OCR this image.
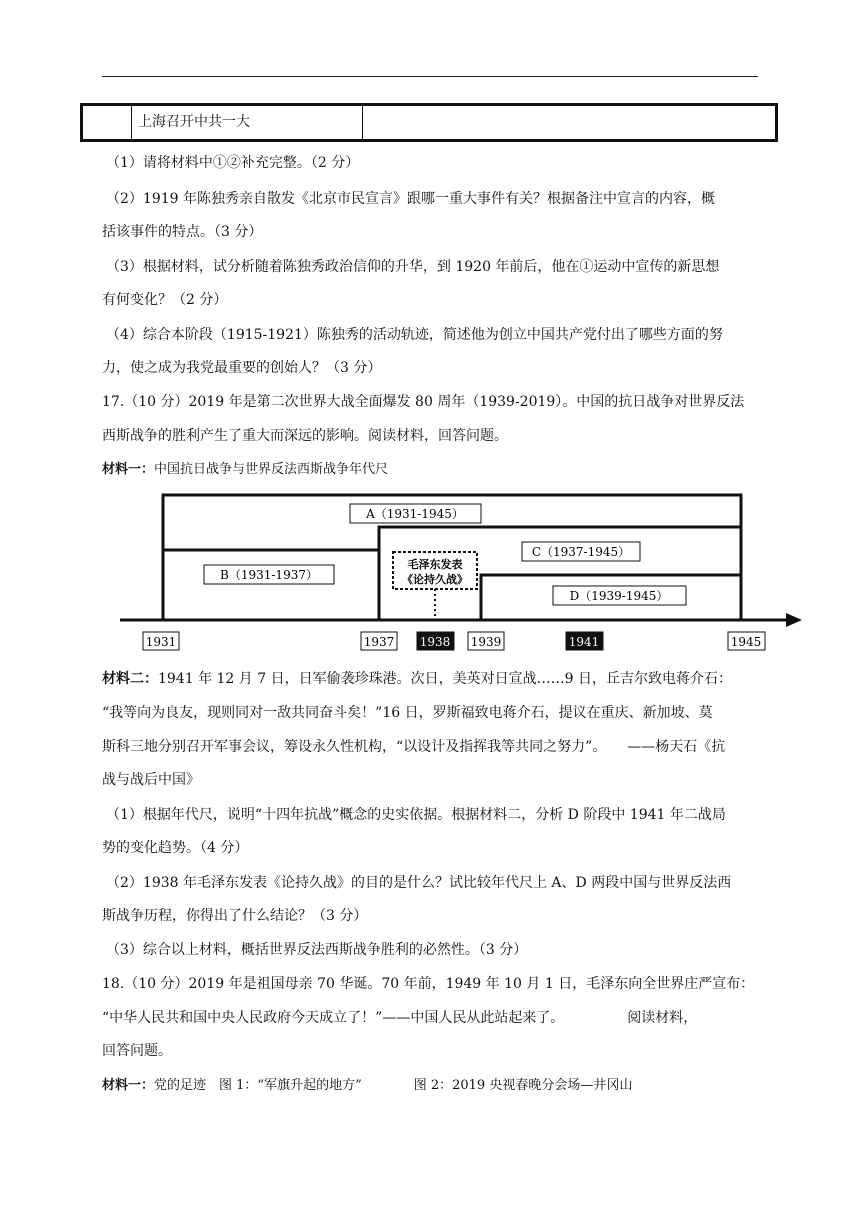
上海召开中共一大
（1）请将材料中①②补充完整。（2 分）
（2）1919 年陈独秀亲自散发《北京市民宣言》跟哪一重大事件有关？根据备注中宣言的内容，概
括该事件的特点。（3 分）
（3）根据材料，试分析随着陈独秀政治信仰的升华，到 1920 年前后，他在①运动中宣传的新思想
有何变化？（2 分）
（4）综合本阶段（1915-1921）陈独秀的活动轨迹，简述他为创立中国共产党付出了哪些方面的努
力，使之成为我党最重要的创始人？（3 分）
17.（10 分）2019 年是第二次世界大战全面爆发 80 周年（1939-2019）。中国的抗日战争对世界反法
西斯战争的胜利产生了重大而深远的影响。阅读材料，回答问题。
材料一：中国抗日战争与世界反法西斯战争年代尺
A（1931-1945）
B（1931-1937）
C（1937-1945）
D（1939-1945）
毛泽东发表
《论持久战》
1931	1937 1938 1939	1941	1945
材料二：1941 年 12 月 7 日，日军偷袭珍珠港。次日，美英对日宣战……9 日，丘吉尔致电蒋介石：
“我等向为良友，现则同对一敌共同奋斗矣！”16 日，罗斯福致电蒋介石，提议在重庆、新加坡、莫
斯科三地分别召开军事会议，筹设永久性机构，“以设计及指挥我等共同之努力”。　　——杨天石《抗
战与战后中国》
（1）根据年代尺，说明“十四年抗战”概念的史实依据。根据材料二，分析 D 阶段中 1941 年二战局
势的变化趋势。（4 分）
（2）1938 年毛泽东发表《论持久战》的目的是什么？试比较年代尺上 A、D 两段中国与世界反法西
斯战争历程，你得出了什么结论？（3 分）
（3）综合以上材料，概括世界反法西斯战争胜利的必然性。（3 分）
18.（10 分）2019 年是祖国母亲 70 华诞。70 年前，1949 年 10 月 1 日，毛泽东向全世界庄严宣布：
“中华人民共和国中央人民政府今天成立了！”——中国人民从此站起来了。　　　　　阅读材料，
回答问题。
材料一：党的足迹　图 1：“军旗升起的地方”　　　　图 2：2019 央视春晚分会场—井冈山
